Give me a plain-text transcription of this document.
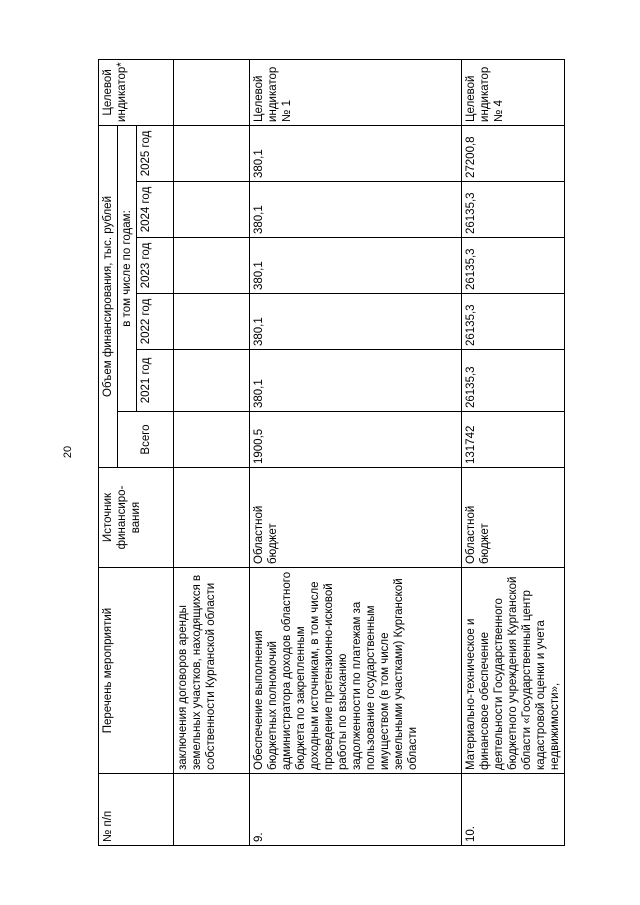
20
№ п/п	Перечень мероприятий	Источник финансиро-вания	Объем финансирования, тыс. рублей						Целевой индикатор*
			Всего	в том числе по годам:					
				2021 год	2022 год	2023 год	2024 год	2025 год	
	заключения договоров аренды земельных участков, находящихся в собственности Курганской области								
9.	Обеспечение выполнения бюджетных полномочий администратора доходов областного бюджета по закрепленным доходным источникам, в том числе проведение претензионно-исковой работы по взысканию задолженности по платежам за пользование государственным имуществом (в том числе земельными участками) Курганской области	Областной бюджет	1900,5	380,1	380,1	380,1	380,1	380,1	Целевой индикатор № 1
10.	Материально-техническое и финансовое обеспечение деятельности Государственного бюджетного учреждения Курганской области «Государственный центр кадастровой оценки и учета недвижимости»,	Областной бюджет	131742	26135,3	26135,3	26135,3	26135,3	27200,8	Целевой индикатор № 4
